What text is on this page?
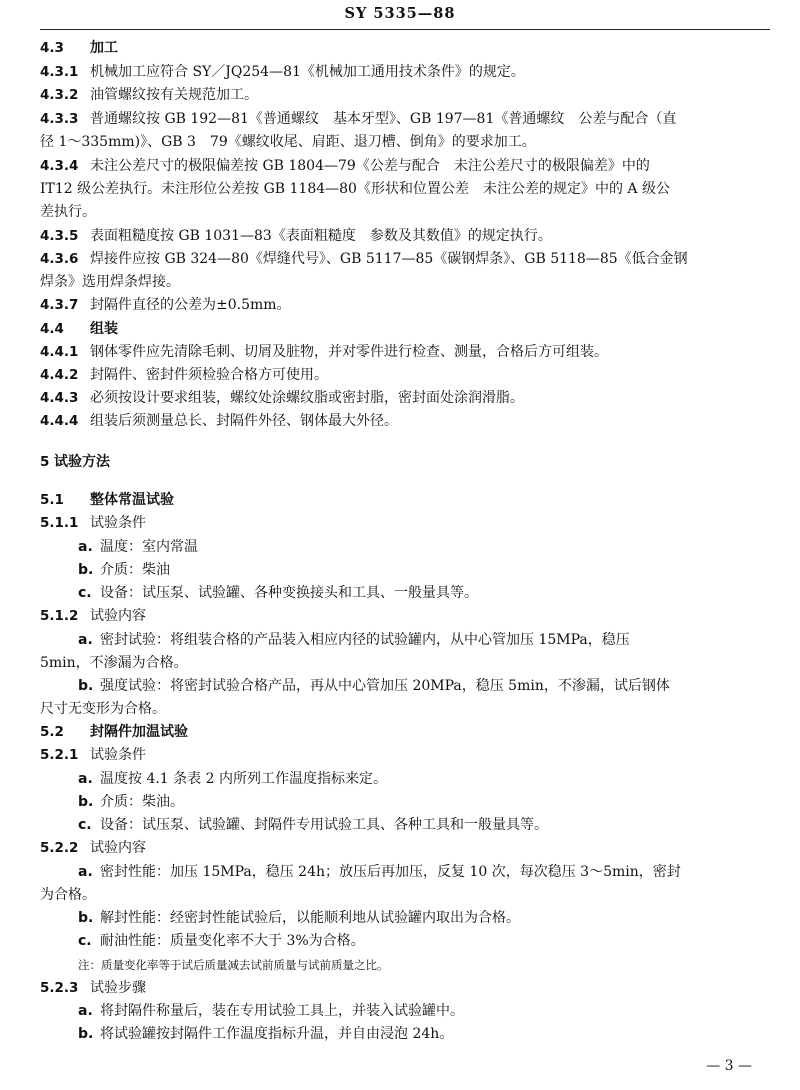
SY 5335—88
4.3 加工
4.3.1 机械加工应符合 SY／JQ254—81《机械加工通用技术条件》的规定。
4.3.2 油管螺纹按有关规范加工。
4.3.3 普通螺纹按 GB 192—81《普通螺纹　基本牙型》、GB 197—81《普通螺纹　公差与配合（直
径 1～335mm)》、GB 3　79《螺纹收尾、肩距、退刀槽、倒角》的要求加工。
4.3.4 未注公差尺寸的极限偏差按 GB 1804—79《公差与配合　未注公差尺寸的极限偏差》中的
IT12 级公差执行。未注形位公差按 GB 1184—80《形状和位置公差　未注公差的规定》中的 A 级公
差执行。
4.3.5 表面粗糙度按 GB 1031—83《表面粗糙度　参数及其数值》的规定执行。
4.3.6 焊接件应按 GB 324—80《焊缝代号》、GB 5117—85《碳钢焊条》、GB 5118—85《低合金钢
焊条》选用焊条焊接。
4.3.7 封隔件直径的公差为±0.5mm。
4.4 组装
4.4.1 钢体零件应先清除毛刺、切屑及脏物，并对零件进行检查、测量，合格后方可组装。
4.4.2 封隔件、密封件须检验合格方可使用。
4.4.3 必须按设计要求组装，螺纹处涂螺纹脂或密封脂，密封面处涂润滑脂。
4.4.4 组装后须测量总长、封隔件外径、钢体最大外径。
5 试验方法
5.1 整体常温试验
5.1.1 试验条件
a. 温度：室内常温
b. 介质：柴油
c. 设备：试压泵、试验罐、各种变换接头和工具、一般量具等。
5.1.2 试验内容
a. 密封试验：将组装合格的产品装入相应内径的试验罐内，从中心管加压 15MPa，稳压
5min，不渗漏为合格。
b. 强度试验：将密封试验合格产品，再从中心管加压 20MPa，稳压 5min，不渗漏，试后钢体
尺寸无变形为合格。
5.2 封隔件加温试验
5.2.1 试验条件
a. 温度按 4.1 条表 2 内所列工作温度指标来定。
b. 介质：柴油。
c. 设备：试压泵、试验罐、封隔件专用试验工具、各种工具和一般量具等。
5.2.2 试验内容
a. 密封性能：加压 15MPa，稳压 24h；放压后再加压，反复 10 次，每次稳压 3～5min，密封
为合格。
b. 解封性能：经密封性能试验后，以能顺利地从试验罐内取出为合格。
c. 耐油性能：质量变化率不大于 3%为合格。
注：质量变化率等于试后质量减去试前质量与试前质量之比。
5.2.3 试验步骤
a. 将封隔件称量后，装在专用试验工具上，并装入试验罐中。
b. 将试验罐按封隔件工作温度指标升温，并自由浸泡 24h。
— 3 —
